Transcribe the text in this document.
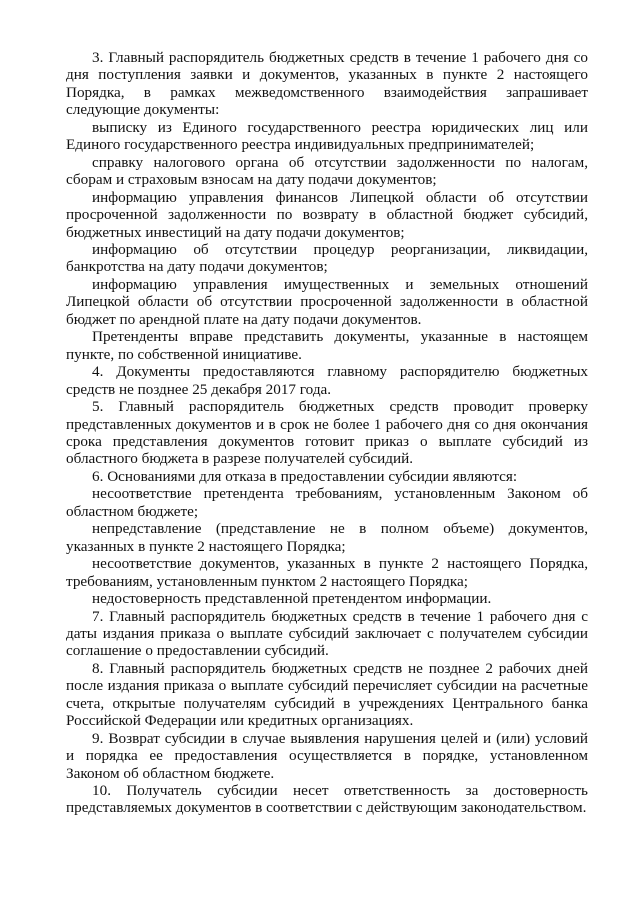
3. Главный распорядитель бюджетных средств в течение 1 рабочего дня со дня поступления заявки и документов, указанных в пункте 2 настоящего Порядка, в рамках межведомственного взаимодействия запрашивает следующие документы:

выписку из Единого государственного реестра юридических лиц или Единого государственного реестра индивидуальных предпринимателей;

справку налогового органа об отсутствии задолженности по налогам, сборам и страховым взносам на дату подачи документов;

информацию управления финансов Липецкой области об отсутствии просроченной задолженности по возврату в областной бюджет субсидий, бюджетных инвестиций на дату подачи документов;

информацию об отсутствии процедур реорганизации, ликвидации, банкротства на дату подачи документов;

информацию управления имущественных и земельных отношений Липецкой области об отсутствии просроченной задолженности в областной бюджет по арендной плате на дату подачи документов.

Претенденты вправе представить документы, указанные в настоящем пункте, по собственной инициативе.

4. Документы предоставляются главному распорядителю бюджетных средств не позднее 25 декабря 2017 года.

5. Главный распорядитель бюджетных средств проводит проверку представленных документов и в срок не более 1 рабочего дня со дня окончания срока представления документов готовит приказ о выплате субсидий из областного бюджета в разрезе получателей субсидий.

6. Основаниями для отказа в предоставлении субсидии являются:

несоответствие претендента требованиям, установленным Законом об областном бюджете;

непредставление (представление не в полном объеме) документов, указанных в пункте 2 настоящего Порядка;

несоответствие документов, указанных в пункте 2 настоящего Порядка, требованиям, установленным пунктом 2 настоящего Порядка;

недостоверность представленной претендентом информации.

7. Главный распорядитель бюджетных средств в течение 1 рабочего дня с даты издания приказа о выплате субсидий заключает с получателем субсидии соглашение о предоставлении субсидий.

8. Главный распорядитель бюджетных средств не позднее 2 рабочих дней после издания приказа о выплате субсидий перечисляет субсидии на расчетные счета, открытые получателям субсидий в учреждениях Центрального банка Российской Федерации или кредитных организациях.

9. Возврат субсидии в случае выявления нарушения целей и (или) условий и порядка ее предоставления осуществляется в порядке, установленном Законом об областном бюджете.

10. Получатель субсидии несет ответственность за достоверность представляемых документов в соответствии с действующим законодательством.
